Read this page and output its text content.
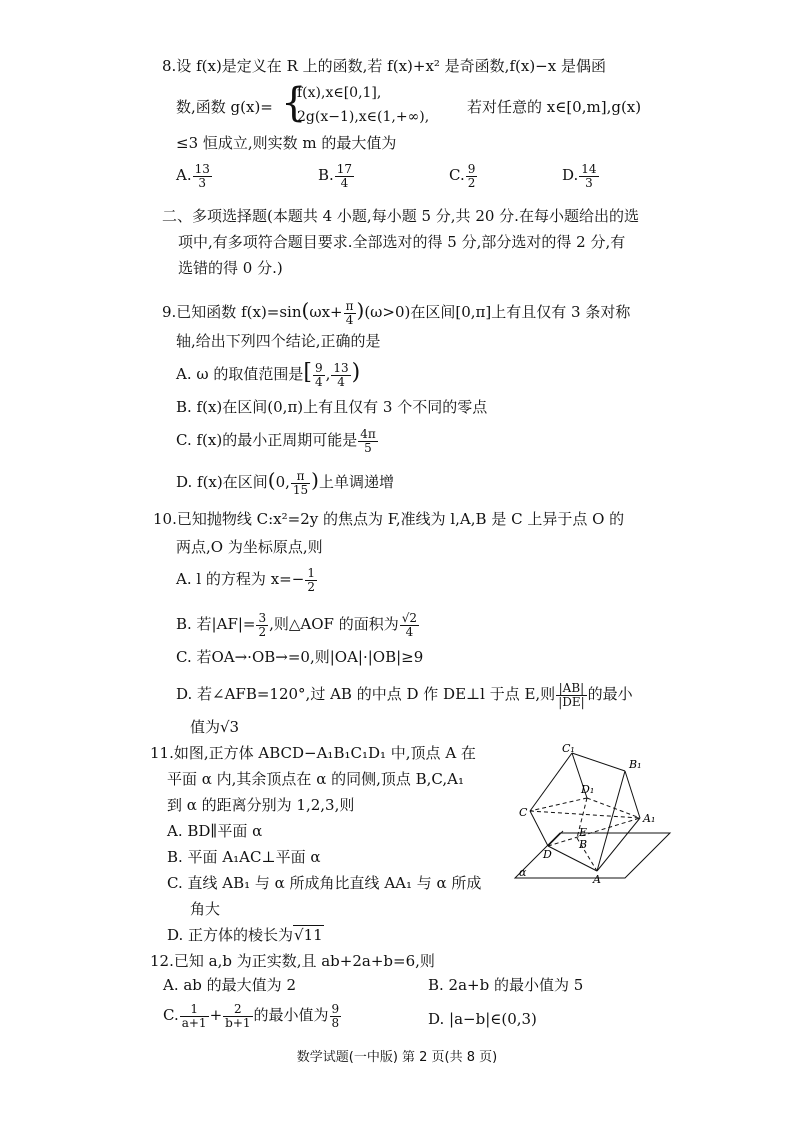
8.设 f(x)是定义在 R 上的函数,若 f(x)+x² 是奇函数,f(x)−x 是偶函
数,函数 g(x)= {
f(x),x∈[0,1],
2g(x−1),x∈(1,+∞),
若对任意的 x∈[0,m],g(x)
≤3 恒成立,则实数 m 的最大值为
A. $\frac{13}{3}$	B. $\frac{17}{4}$	C. $\frac{9}{2}$	D. $\frac{14}{3}$
二、多项选择题(本题共 4 小题,每小题 5 分,共 20 分.在每小题给出的选
项中,有多项符合题目要求.全部选对的得 5 分,部分选对的得 2 分,有
选错的得 0 分.)
9.已知函数 $f(x)=\sin(\omega x+ \frac{\pi}{4} )(\omega>0)$在区间[0,π]上有且仅有 3 条对称
轴,给出下列四个结论,正确的是
A. ω 的取值范围是[ $\frac{9}{4}$ , $\frac{13}{4}$ )
B. f(x)在区间(0,π)上有且仅有 3 个不同的零点
C. f(x)的最小正周期可能是 $\frac{4\pi}{5}$
D. f(x)在区间(0, $\frac{\pi}{15}$ )上单调递增
10.已知抛物线 C:x²=2y 的焦点为 F,准线为 l,A,B 是 C 上异于点 O 的
两点,O 为坐标原点,则
A. l 的方程为 $x=- \frac{1}{2}$
B. 若$|AF|= \frac{3}{2}$ ,则△AOF 的面积为 $\frac{√2}{4}$
C. 若OA→·OB→=0,则|OA|·|OB|≥9
D. 若∠AFB=120°,过 AB 的中点 D 作 DE⊥l 于点 E,则 $\frac{|AB|}{|DE|}$ 的最小
值为√3
11.如图,正方体 ABCD−A₁B₁C₁D₁ 中,顶点 A 在
平面 α 内,其余顶点在 α 的同侧,顶点 B,C,A₁
到 α 的距离分别为 1,2,3,则
A. BD∥平面 α
B. 平面 A₁AC⊥平面 α
C. 直线 AB₁ 与 α 所成角比直线 AA₁ 与 α 所成
角大
D. 正方体的棱长为√11
C₁
B₁
D₁
C
E
A₁
D
B
A
α
12.已知 a,b 为正实数,且 ab+2a+b=6,则
A. ab 的最大值为 2	B. 2a+b 的最小值为 5
C. $\frac{1}{a+1} + \frac{2}{b+1}$ 的最小值为 $\frac{9}{8}$	D. |a−b|∈(0,3)
数学试题(一中版) 第 2 页(共 8 页)
